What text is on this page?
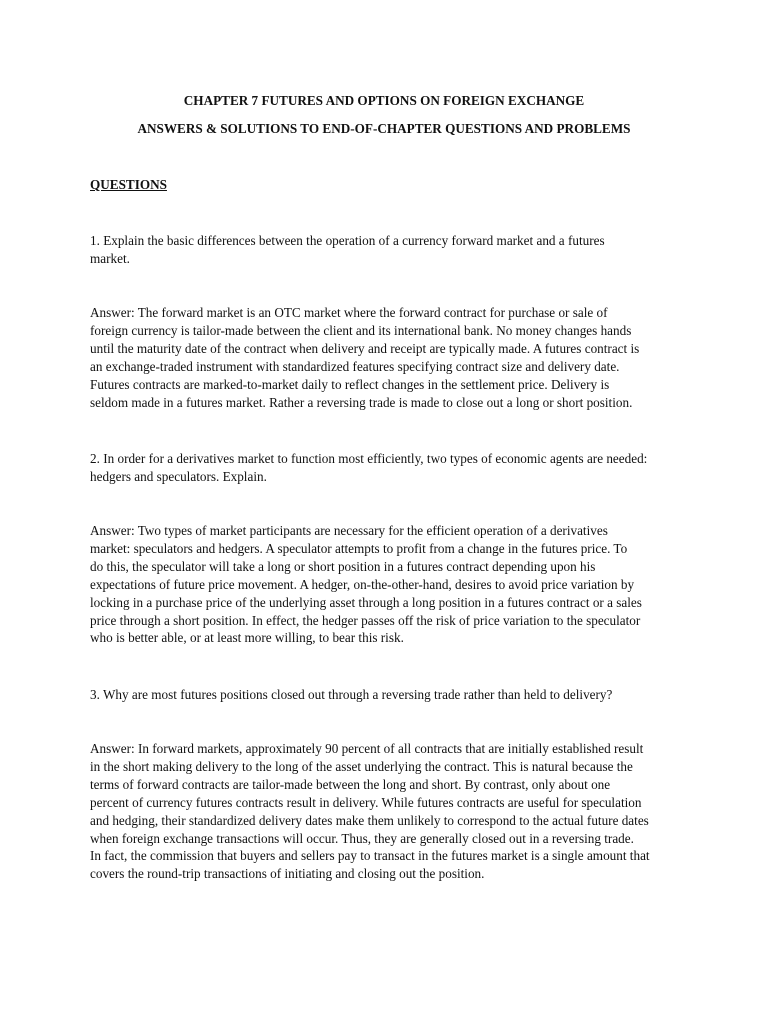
CHAPTER 7 FUTURES AND OPTIONS ON FOREIGN EXCHANGE
ANSWERS & SOLUTIONS TO END-OF-CHAPTER QUESTIONS AND PROBLEMS
QUESTIONS

1. Explain the basic differences between the operation of a currency forward market and a futures
market.

Answer: The forward market is an OTC market where the forward contract for purchase or sale of
foreign currency is tailor-made between the client and its international bank. No money changes hands
until the maturity date of the contract when delivery and receipt are typically made. A futures contract is
an exchange-traded instrument with standardized features specifying contract size and delivery date.
Futures contracts are marked-to-market daily to reflect changes in the settlement price. Delivery is
seldom made in a futures market. Rather a reversing trade is made to close out a long or short position.

2. In order for a derivatives market to function most efficiently, two types of economic agents are needed:
hedgers and speculators. Explain.

Answer: Two types of market participants are necessary for the efficient operation of a derivatives
market: speculators and hedgers. A speculator attempts to profit from a change in the futures price. To
do this, the speculator will take a long or short position in a futures contract depending upon his
expectations of future price movement. A hedger, on-the-other-hand, desires to avoid price variation by
locking in a purchase price of the underlying asset through a long position in a futures contract or a sales
price through a short position. In effect, the hedger passes off the risk of price variation to the speculator
who is better able, or at least more willing, to bear this risk.

3. Why are most futures positions closed out through a reversing trade rather than held to delivery?

Answer: In forward markets, approximately 90 percent of all contracts that are initially established result
in the short making delivery to the long of the asset underlying the contract. This is natural because the
terms of forward contracts are tailor-made between the long and short. By contrast, only about one
percent of currency futures contracts result in delivery. While futures contracts are useful for speculation
and hedging, their standardized delivery dates make them unlikely to correspond to the actual future dates
when foreign exchange transactions will occur. Thus, they are generally closed out in a reversing trade.
In fact, the commission that buyers and sellers pay to transact in the futures market is a single amount that
covers the round-trip transactions of initiating and closing out the position.
